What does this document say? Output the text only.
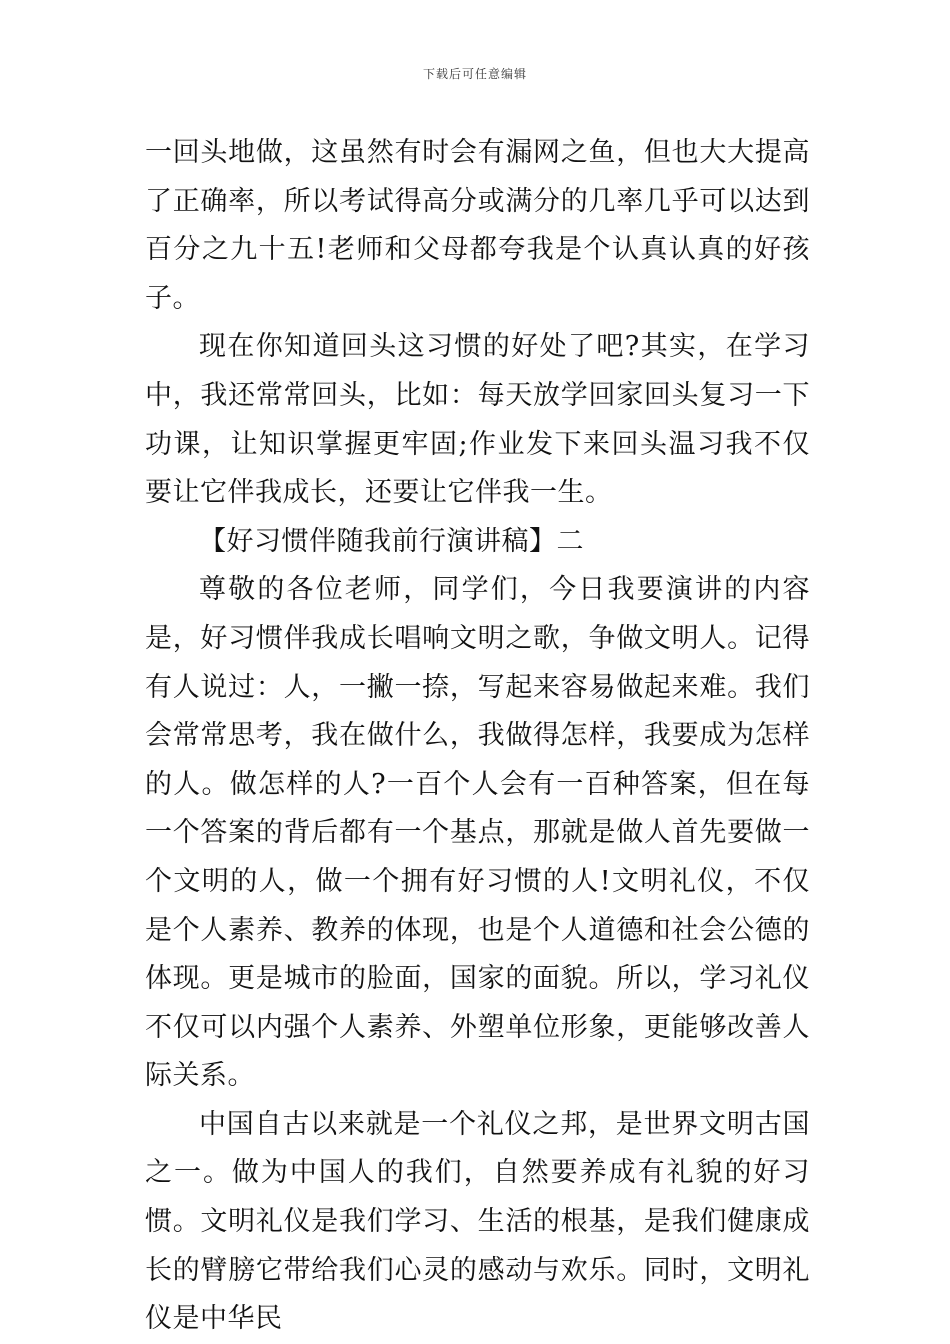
下载后可任意编辑

一回头地做，这虽然有时会有漏网之鱼，但也大大提高了正确率，所以考试得高分或满分的几率几乎可以达到百分之九十五!老师和父母都夸我是个认真认真的好孩子。

现在你知道回头这习惯的好处了吧?其实，在学习中，我还常常回头，比如：每天放学回家回头复习一下功课，让知识掌握更牢固;作业发下来回头温习我不仅要让它伴我成长，还要让它伴我一生。

【好习惯伴随我前行演讲稿】二

尊敬的各位老师，同学们，今日我要演讲的内容是，好习惯伴我成长唱响文明之歌，争做文明人。记得有人说过：人，一撇一捺，写起来容易做起来难。我们会常常思考，我在做什么，我做得怎样，我要成为怎样的人。做怎样的人?一百个人会有一百种答案，但在每一个答案的背后都有一个基点，那就是做人首先要做一个文明的人，做一个拥有好习惯的人!文明礼仪，不仅是个人素养、教养的体现，也是个人道德和社会公德的体现。更是城市的脸面，国家的面貌。所以，学习礼仪不仅可以内强个人素养、外塑单位形象，更能够改善人际关系。

中国自古以来就是一个礼仪之邦，是世界文明古国之一。做为中国人的我们，自然要养成有礼貌的好习惯。文明礼仪是我们学习、生活的根基，是我们健康成长的臂膀它带给我们心灵的感动与欢乐。同时，文明礼仪是中华民
